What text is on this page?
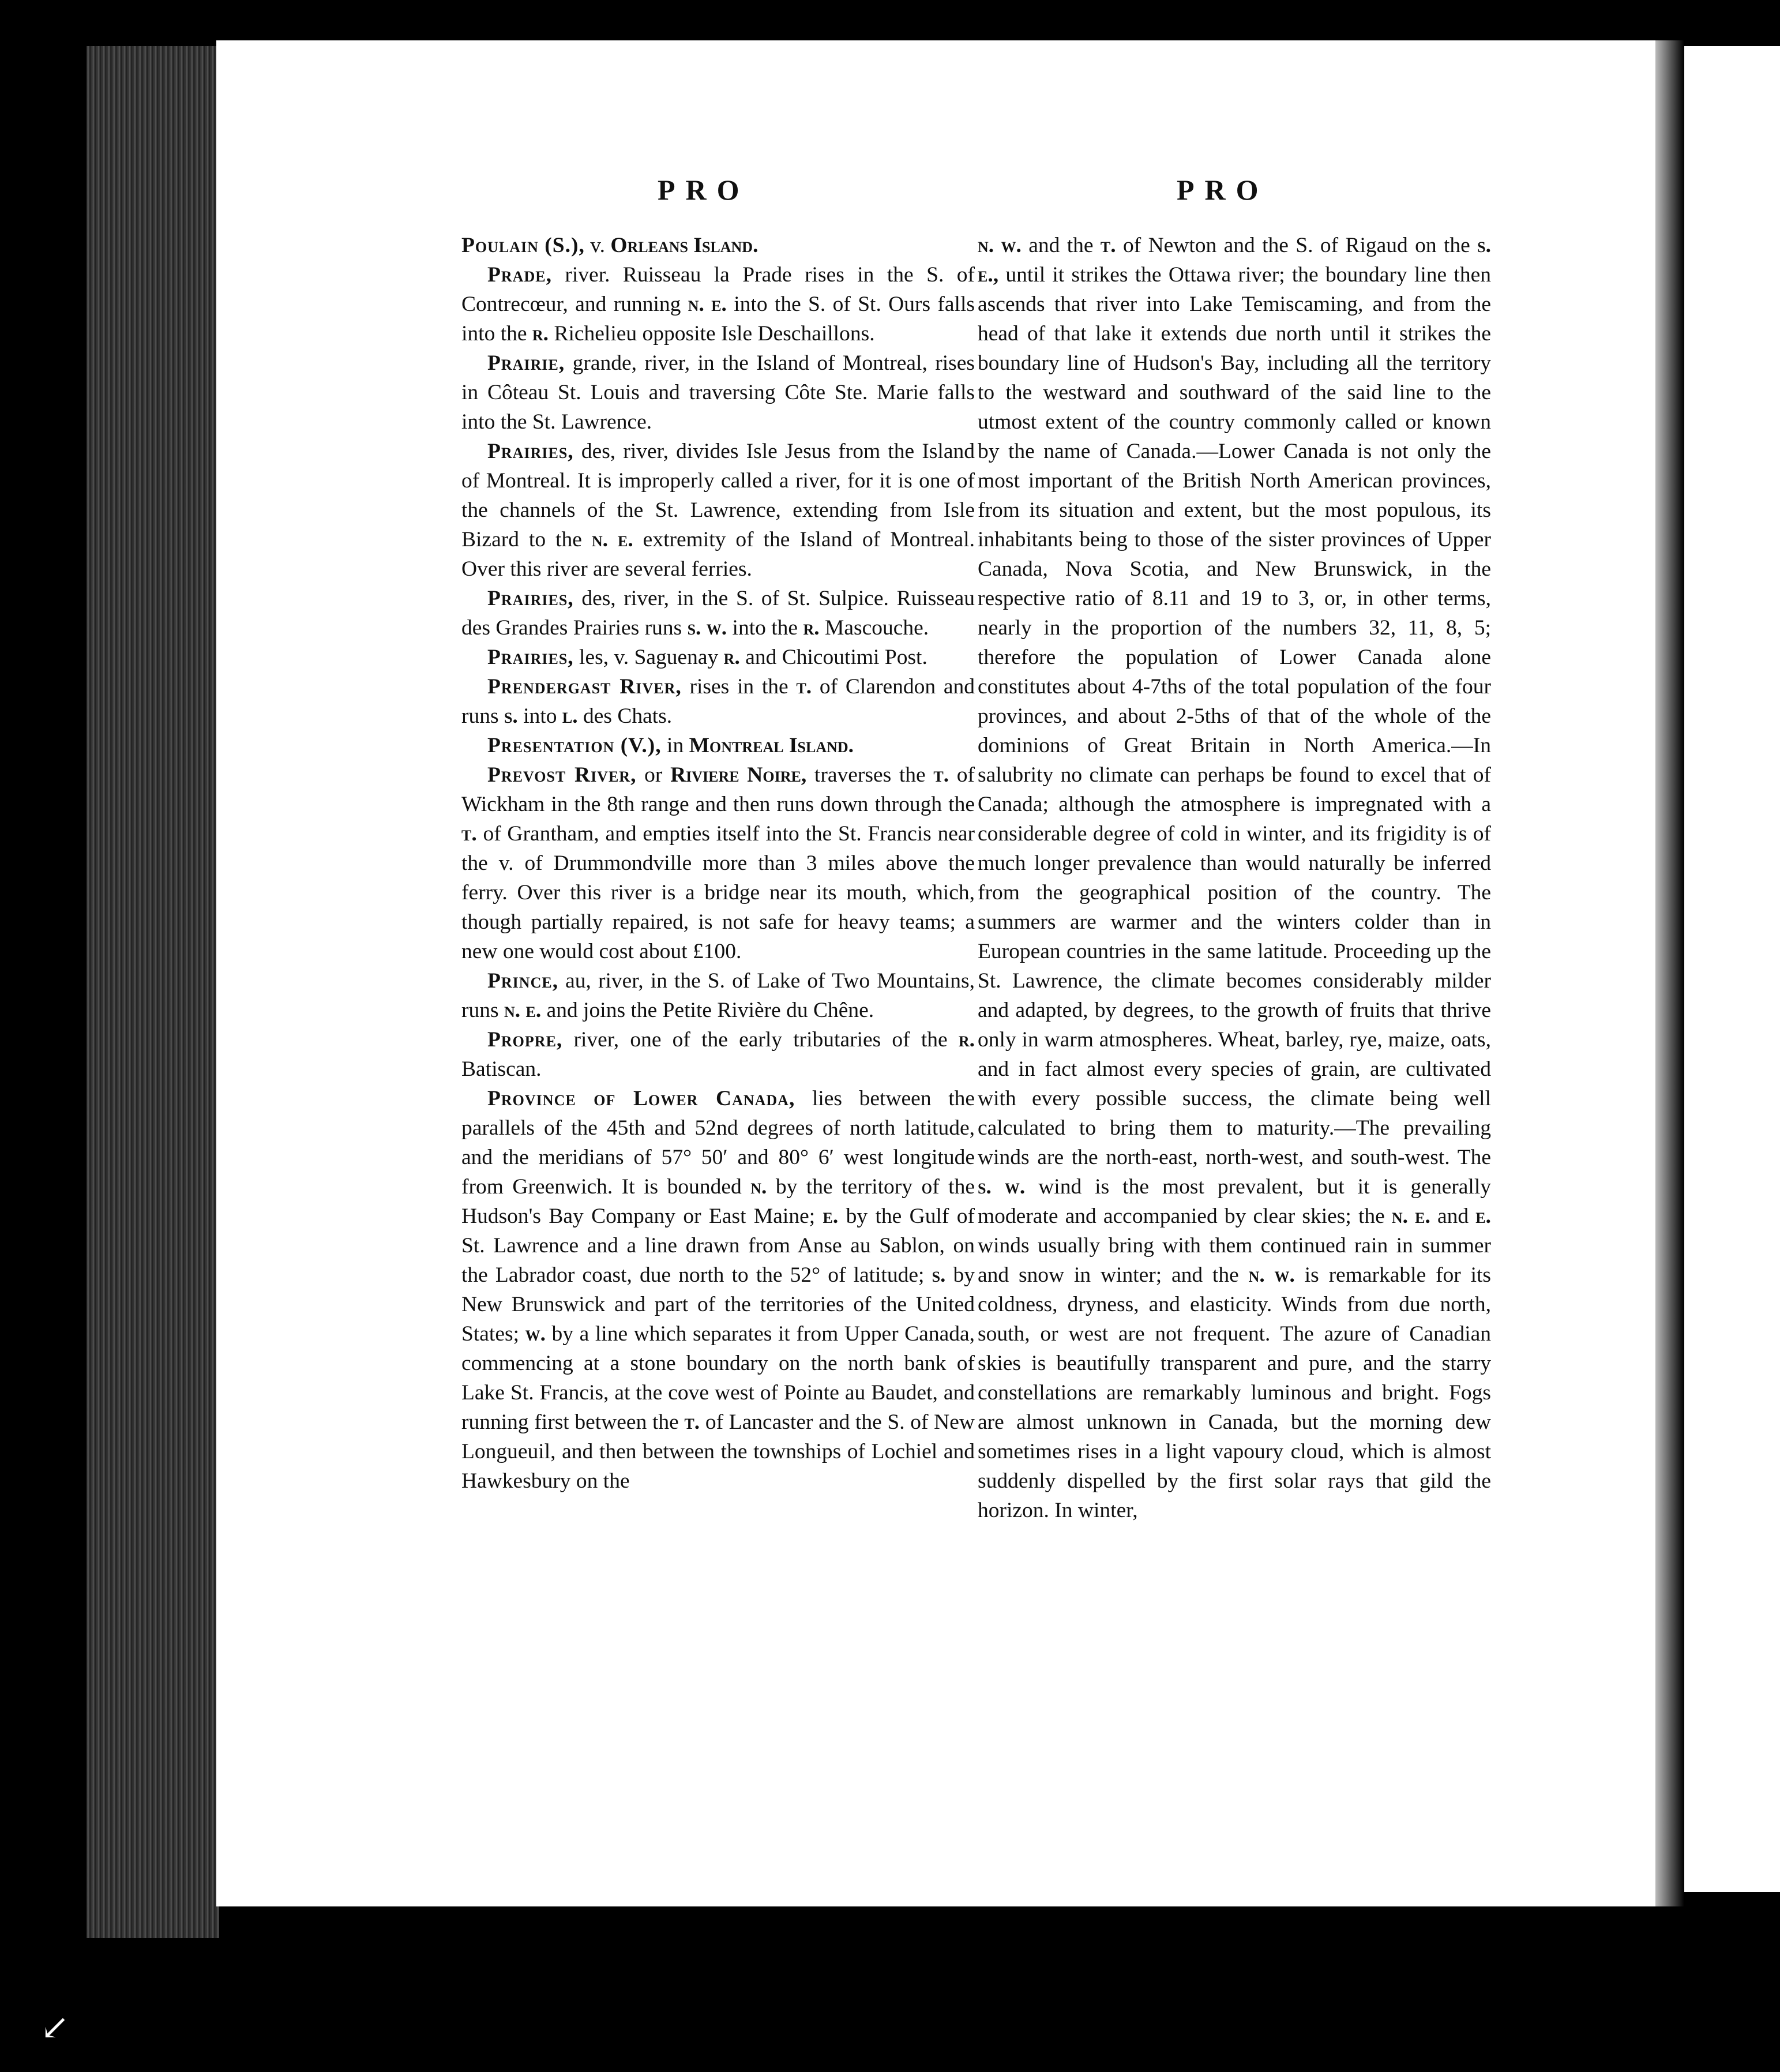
PRO	PRO

Poulain (S.), v. Orleans Island.

Prade, river. Ruisseau la Prade rises in the S. of Contrecœur, and running n. e. into the S. of St. Ours falls into the r. Richelieu opposite Isle Deschaillons.

Prairie, grande, river, in the Island of Montreal, rises in Côteau St. Louis and traversing Côte Ste. Marie falls into the St. Lawrence.

Prairies, des, river, divides Isle Jesus from the Island of Montreal. It is improperly called a river, for it is one of the channels of the St. Lawrence, extending from Isle Bizard to the n. e. extremity of the Island of Montreal. Over this river are several ferries.

Prairies, des, river, in the S. of St. Sulpice. Ruisseau des Grandes Prairies runs s. w. into the r. Mascouche.

Prairies, les, v. Saguenay r. and Chicoutimi Post.

Prendergast River, rises in the t. of Clarendon and runs s. into l. des Chats.

Presentation (V.), in Montreal Island.

Prevost River, or Riviere Noire, traverses the t. of Wickham in the 8th range and then runs down through the t. of Grantham, and empties itself into the St. Francis near the v. of Drummondville more than 3 miles above the ferry. Over this river is a bridge near its mouth, which, though partially repaired, is not safe for heavy teams; a new one would cost about £100.

Prince, au, river, in the S. of Lake of Two Mountains, runs n. e. and joins the Petite Rivière du Chêne.

Propre, river, one of the early tributaries of the r. Batiscan.

Province of Lower Canada, lies between the parallels of the 45th and 52nd degrees of north latitude, and the meridians of 57° 50′ and 80° 6′ west longitude from Greenwich. It is bounded n. by the territory of the Hudson's Bay Company or East Maine; e. by the Gulf of St. Lawrence and a line drawn from Anse au Sablon, on the Labrador coast, due north to the 52° of latitude; s. by New Brunswick and part of the territories of the United States; w. by a line which separates it from Upper Canada, commencing at a stone boundary on the north bank of Lake St. Francis, at the cove west of Pointe au Baudet, and running first between the t. of Lancaster and the S. of New Longueuil, and then between the townships of Lochiel and Hawkesbury on the

n. w. and the t. of Newton and the S. of Rigaud on the s. e., until it strikes the Ottawa river; the boundary line then ascends that river into Lake Temiscaming, and from the head of that lake it extends due north until it strikes the boundary line of Hudson's Bay, including all the territory to the westward and southward of the said line to the utmost extent of the country commonly called or known by the name of Canada.—Lower Canada is not only the most important of the British North American provinces, from its situation and extent, but the most populous, its inhabitants being to those of the sister provinces of Upper Canada, Nova Scotia, and New Brunswick, in the respective ratio of 8.11 and 19 to 3, or, in other terms, nearly in the proportion of the numbers 32, 11, 8, 5; therefore the population of Lower Canada alone constitutes about 4-7ths of the total population of the four provinces, and about 2-5ths of that of the whole of the dominions of Great Britain in North America.—In salubrity no climate can perhaps be found to excel that of Canada; although the atmosphere is impregnated with a considerable degree of cold in winter, and its frigidity is of much longer prevalence than would naturally be inferred from the geographical position of the country. The summers are warmer and the winters colder than in European countries in the same latitude. Proceeding up the St. Lawrence, the climate becomes considerably milder and adapted, by degrees, to the growth of fruits that thrive only in warm atmospheres. Wheat, barley, rye, maize, oats, and in fact almost every species of grain, are cultivated with every possible success, the climate being well calculated to bring them to maturity.—The prevailing winds are the north-east, north-west, and south-west. The s. w. wind is the most prevalent, but it is generally moderate and accompanied by clear skies; the n. e. and e. winds usually bring with them continued rain in summer and snow in winter; and the n. w. is remarkable for its coldness, dryness, and elasticity. Winds from due north, south, or west are not frequent. The azure of Canadian skies is beautifully transparent and pure, and the starry constellations are remarkably luminous and bright. Fogs are almost unknown in Canada, but the morning dew sometimes rises in a light vapoury cloud, which is almost suddenly dispelled by the first solar rays that gild the horizon. In winter,

↙
